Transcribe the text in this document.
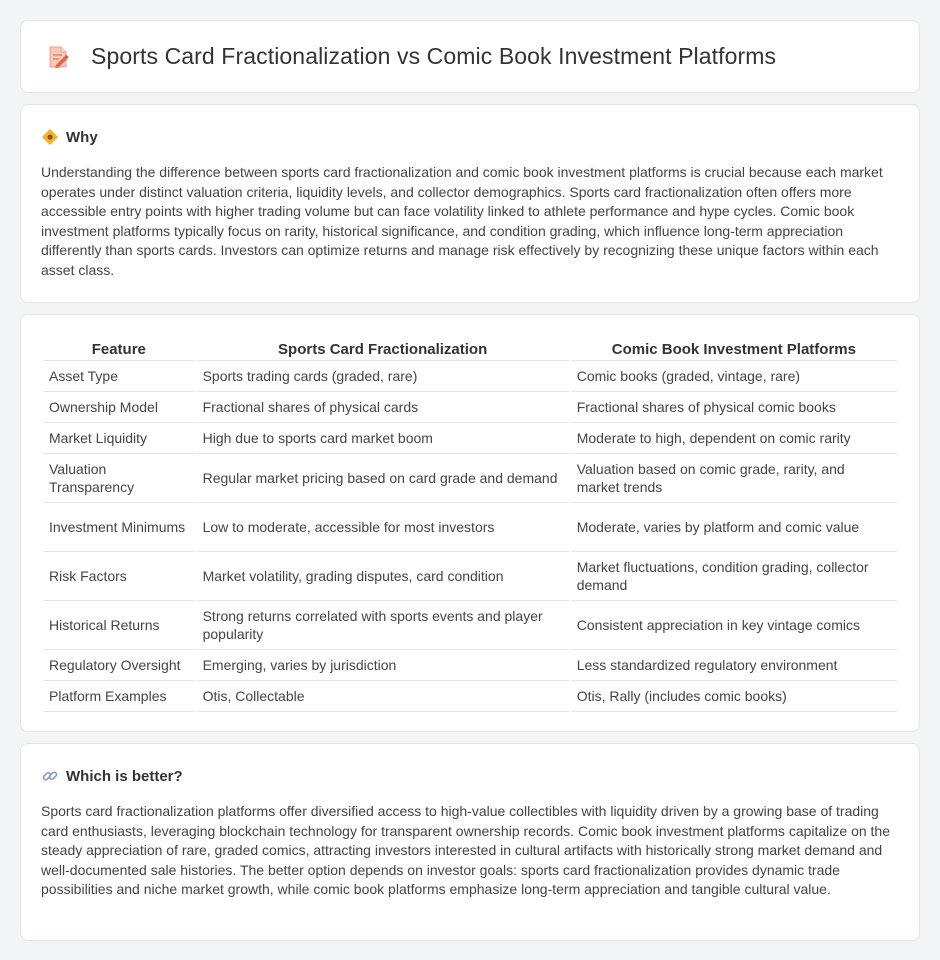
Sports Card Fractionalization vs Comic Book Investment Platforms
Why

Understanding the difference between sports card fractionalization and comic book investment platforms is crucial because each market operates under distinct valuation criteria, liquidity levels, and collector demographics. Sports card fractionalization often offers more accessible entry points with higher trading volume but can face volatility linked to athlete performance and hype cycles. Comic book investment platforms typically focus on rarity, historical significance, and condition grading, which influence long-term appreciation differently than sports cards. Investors can optimize returns and manage risk effectively by recognizing these unique factors within each asset class.

Feature	Sports Card Fractionalization	Comic Book Investment Platforms
Asset Type	Sports trading cards (graded, rare)	Comic books (graded, vintage, rare)
Ownership Model	Fractional shares of physical cards	Fractional shares of physical comic books
Market Liquidity	High due to sports card market boom	Moderate to high, dependent on comic rarity
Valuation Transparency	Regular market pricing based on card grade and demand	Valuation based on comic grade, rarity, and market trends
Investment Minimums	Low to moderate, accessible for most investors	Moderate, varies by platform and comic value
Risk Factors	Market volatility, grading disputes, card condition	Market fluctuations, condition grading, collector demand
Historical Returns	Strong returns correlated with sports events and player popularity	Consistent appreciation in key vintage comics
Regulatory Oversight	Emerging, varies by jurisdiction	Less standardized regulatory environment
Platform Examples	Otis, Collectable	Otis, Rally (includes comic books)
Which is better?

Sports card fractionalization platforms offer diversified access to high-value collectibles with liquidity driven by a growing base of trading card enthusiasts, leveraging blockchain technology for transparent ownership records. Comic book investment platforms capitalize on the steady appreciation of rare, graded comics, attracting investors interested in cultural artifacts with historically strong market demand and well-documented sale histories. The better option depends on investor goals: sports card fractionalization provides dynamic trade possibilities and niche market growth, while comic book platforms emphasize long-term appreciation and tangible cultural value.
